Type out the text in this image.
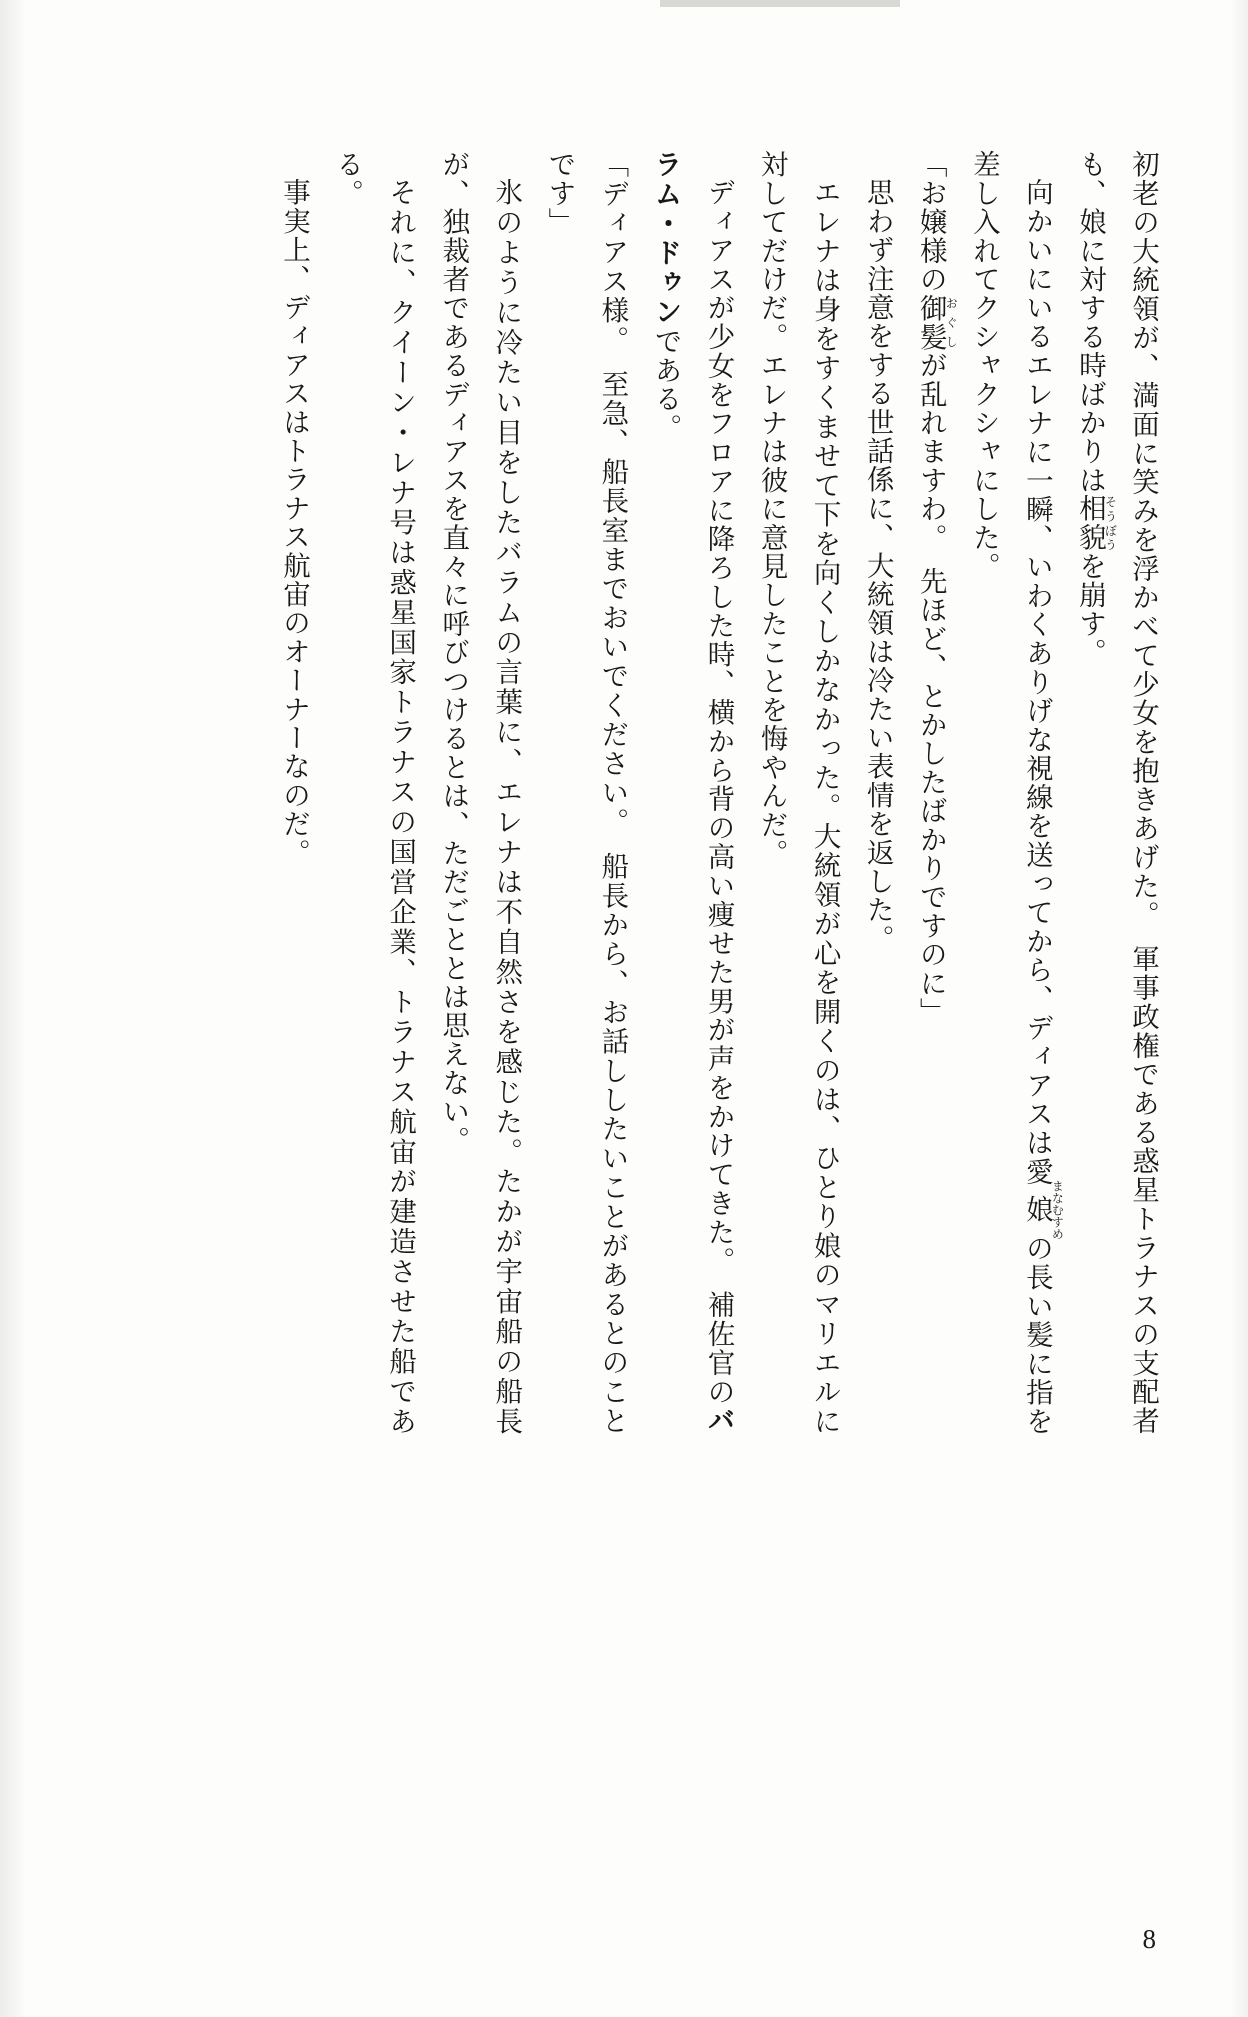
初老の大統領が、満面に笑みを浮かべて少女を抱きあげた。　軍事政権である惑星トラナスの支配者も、娘に対する時ばかりは相貌そうぼうを崩す。

向かいにいるエレナに一瞬、いわくありげな視線を送ってから、ディアスは愛娘まなむすめの長い髪に指を差し入れてクシャクシャにした。

「お嬢様の御髪おぐしが乱れますわ。　先ほど、とかしたばかりですのに」

思わず注意をする世話係に、大統領は冷たい表情を返した。

エレナは身をすくませて下を向くしかなかった。大統領が心を開くのは、ひとり娘のマリエルに対してだけだ。エレナは彼に意見したことを悔やんだ。

ディアスが少女をフロアに降ろした時、横から背の高い痩せた男が声をかけてきた。　補佐官のバラム・ドゥンである。

「ディアス様。　至急、船長室までおいでください。　船長から、お話ししたいことがあるとのことです」

氷のように冷たい目をしたバラムの言葉に、エレナは不自然さを感じた。たかが宇宙船の船長が、独裁者であるディアスを直々に呼びつけるとは、ただごととは思えない。

それに、クイーン・レナ号は惑星国家トラナスの国営企業、トラナス航宙が建造させた船である。

事実上、ディアスはトラナス航宙のオーナーなのだ。

8
